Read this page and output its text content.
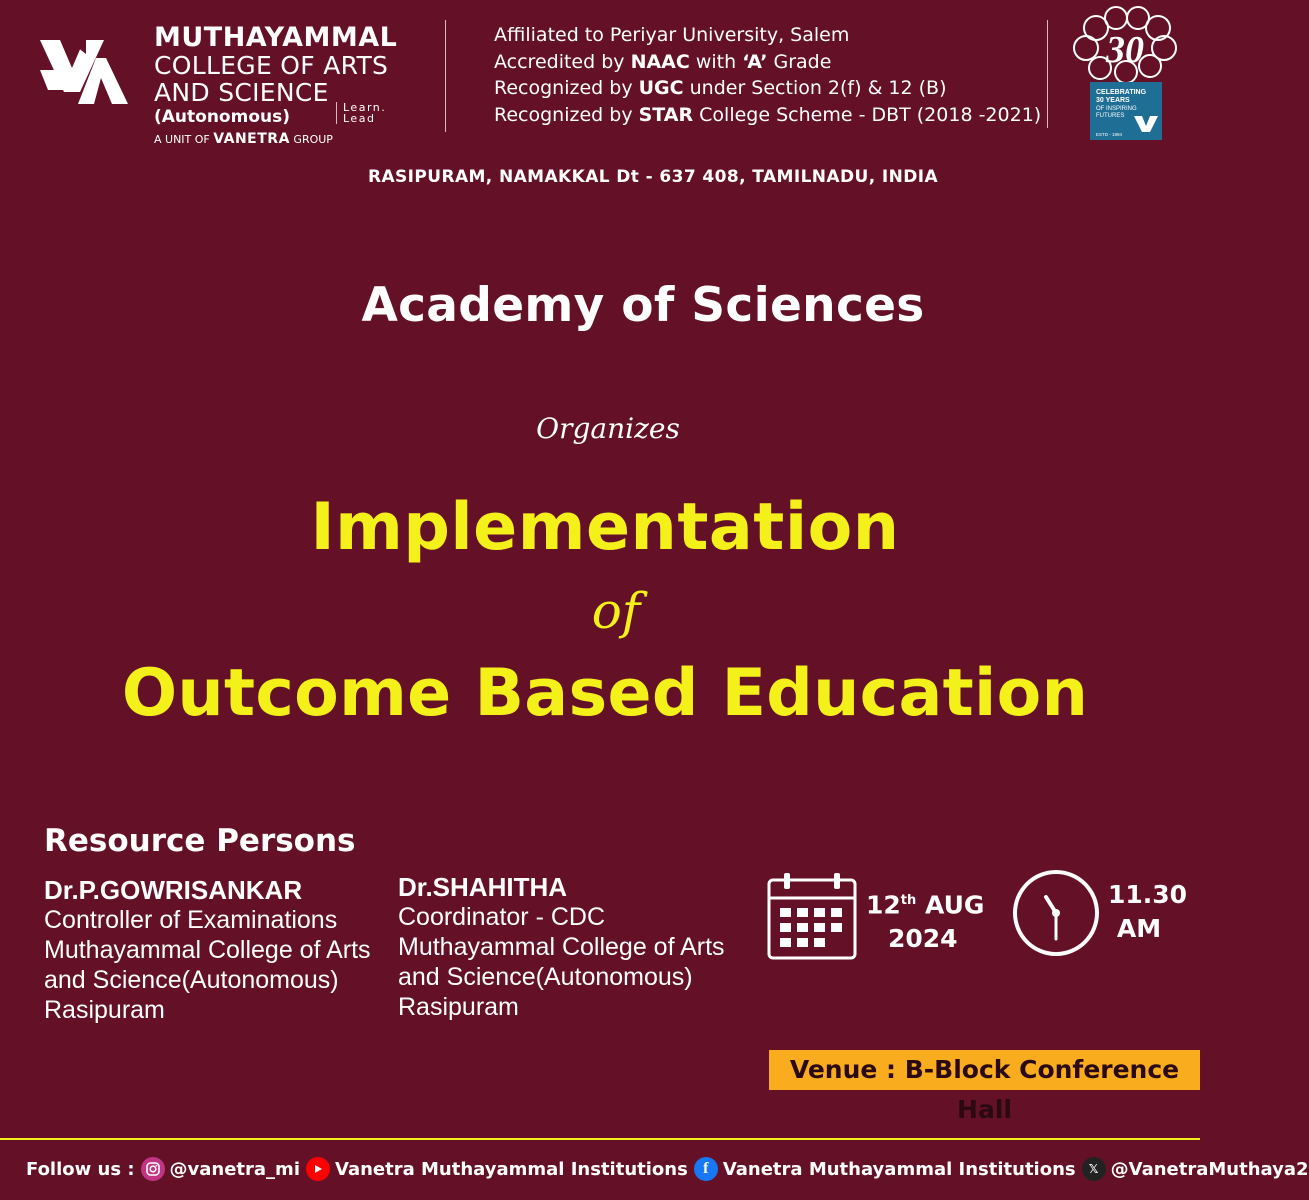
MUTHAYAMMAL
COLLEGE OF ARTS
AND SCIENCE
(Autonomous)
A UNIT OF VANETRA GROUP
Learn.
Lead
Affiliated to Periyar University, Salem
Accredited by NAAC with ‘A’ Grade
Recognized by UGC under Section 2(f) & 12 (B)
Recognized by STAR College Scheme - DBT (2018 -2021)
30
CELEBRATING
30 YEARS
OF INSPIRING
FUTURES
ESTD - 1994
RASIPURAM, NAMAKKAL Dt - 637 408, TAMILNADU, INDIA
Academy of Sciences
Organizes
Implementation
of
Outcome Based Education
Resource Persons
Dr.P.GOWRISANKAR
Controller of Examinations
Muthayammal College of Arts
and Science(Autonomous)
Rasipuram
Dr.SHAHITHA
Coordinator - CDC
Muthayammal College of Arts
and Science(Autonomous)
Rasipuram
12th AUG
2024
11.30
AM
Venue : B-Block Conference Hall
Follow us : @vanetra_mi Vanetra Muthayammal Institutions f Vanetra Muthayammal Institutions	𝕏 @VanetraMuthaya2
